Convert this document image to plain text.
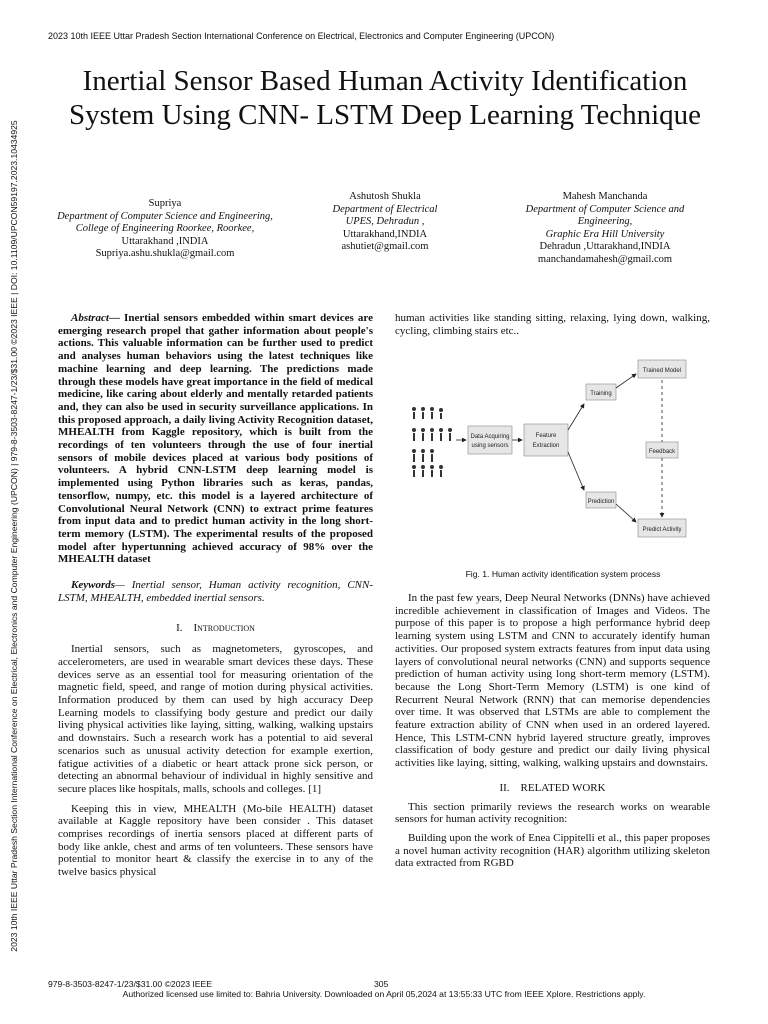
2023 10th IEEE Uttar Pradesh Section International Conference on Electrical, Electronics and Computer Engineering (UPCON)
Inertial Sensor Based Human Activity Identification System Using CNN- LSTM Deep Learning Technique
2023 10th IEEE Uttar Pradesh Section International Conference on Electrical, Electronics and Computer Engineering (UPCON) | 979-8-3503-8247-1/23/$31.00 ©2023 IEEE | DOI: 10.1109/UPCON59197.2023.10434925	Supriya
Department of Computer Science and Engineering,
College of Engineering Roorkee, Roorkee,
Uttarakhand ,INDIA
Supriya.ashu.shukla@gmail.com
Ashutosh Shukla
Department of Electrical
UPES, Dehradun ,
Uttarakhand,INDIA
ashutiet@gmail.com
Mahesh Manchanda
Department of Computer Science and Engineering,
Graphic Era Hill University
Dehradun ,Uttarakhand,INDIA
manchandamahesh@gmail.com

Abstract— Inertial sensors embedded within smart devices are emerging research propel that gather information about people's actions. This valuable information can be further used to predict and analyses human behaviors using the latest techniques like machine learning and deep learning. The predictions made through these models have great importance in the field of medical medicine, like caring about elderly and mentally retarded patients and, they can also be used in security surveillance applications. In this proposed approach, a daily living Activity Recognition dataset, MHEALTH from Kaggle repository, which is built from the recordings of ten volunteers through the use of four inertial sensors of mobile devices placed at various body positions of volunteers. A hybrid CNN-LSTM deep learning model is implemented using Python libraries such as keras, pandas, tensorflow, numpy, etc. this model is a layered architecture of Convolutional Neural Network (CNN) to extract prime features from input data and to predict human activity in the long short-term memory (LSTM). The experimental results of the proposed model after hypertunning achieved accuracy of 98% over the MHEALTH dataset

Keywords— Inertial sensor, Human activity recognition, CNN-LSTM, MHEALTH, embedded inertial sensors.

I. Introduction

Inertial sensors, such as magnetometers, gyroscopes, and accelerometers, are used in wearable smart devices these days. These devices serve as an essential tool for measuring orientation of the magnetic field, speed, and range of motion during physical activities. Information produced by them can used by high accuracy Deep Learning models to classifying body gesture and predict our daily living physical activities like laying, sitting, walking, walking upstairs and downstairs. Such a research work has a potential to aid several scenarios such as unusual activity detection for example exertion, fatigue activities of a diabetic or heart attack prone sick person, or detecting an abnormal behaviour of individual in highly sensitive and secure places like hospitals, malls, schools and colleges. [1]

Keeping this in view, MHEALTH (Mo-bile HEALTH) dataset available at Kaggle repository have been consider . This dataset comprises recordings of inertia sensors placed at different parts of body like ankle, chest and arms of ten volunteers. These sensors have potential to monitor heart & classify the exercise in to any of the twelve basics physical

human activities like standing sitting, relaxing, lying down, walking, cycling, climbing stairs etc..

Data Acquiring
using sensors
Feature
Extraction
Training
Trained Model
Feedback
Prediction
Predict Activity
Fig. 1. Human activity identification system process

In the past few years, Deep Neural Networks (DNNs) have achieved incredible achievement in classification of Images and Videos. The purpose of this paper is to propose a high performance hybrid deep learning system using LSTM and CNN to accurately identify human activities. Our proposed system extracts features from input data using layers of convolutional neural networks (CNN) and supports sequence prediction of human activity using long short-term memory (LSTM). because the Long Short-Term Memory (LSTM) is one kind of Recurrent Neural Network (RNN) that can memorise dependencies over time. It was observed that LSTMs are able to complement the feature extraction ability of CNN when used in an ordered layered. Hence, This LSTM-CNN hybrid layered structure greatly, improves classification of body gesture and predict our daily living physical activities like laying, sitting, walking, walking upstairs and downstairs.

II. RELATED WORK

This section primarily reviews the research works on wearable sensors for human activity recognition:

Building upon the work of Enea Cippitelli et al., this paper proposes a novel human activity recognition (HAR) algorithm utilizing skeleton data extracted from RGBD

979-8-3503-8247-1/23/$31.00 ©2023 IEEE	305
Authorized licensed use limited to: Bahria University. Downloaded on April 05,2024 at 13:55:33 UTC from IEEE Xplore. Restrictions apply.
